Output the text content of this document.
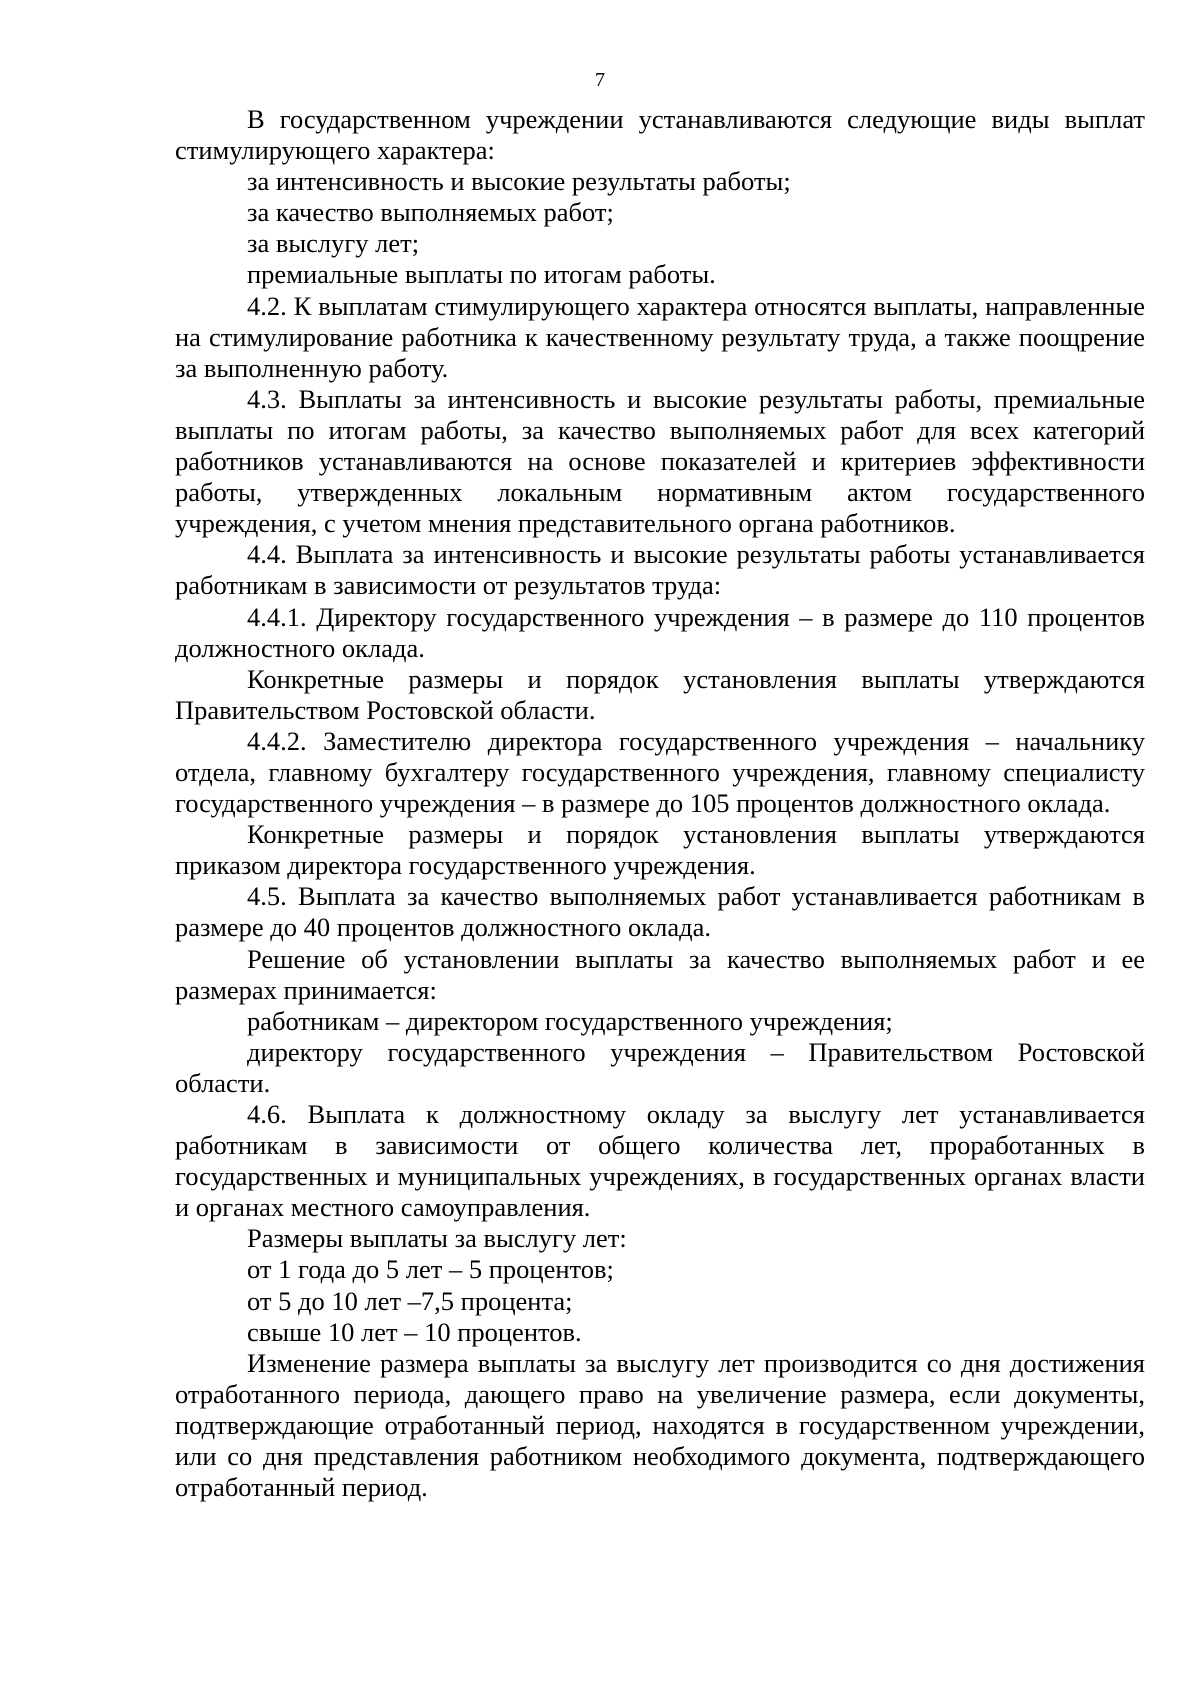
7

В государственном учреждении устанавливаются следующие виды выплат стимулирующего характера:

за интенсивность и высокие результаты работы;

за качество выполняемых работ;

за выслугу лет;

премиальные выплаты по итогам работы.

4.2. К выплатам стимулирующего характера относятся выплаты, направленные на стимулирование работника к качественному результату труда, а также поощрение за выполненную работу.

4.3. Выплаты за интенсивность и высокие результаты работы, премиальные выплаты по итогам работы, за качество выполняемых работ для всех категорий работников устанавливаются на основе показателей и критериев эффективности работы, утвержденных локальным нормативным актом государственного учреждения, с учетом мнения представительного органа работников.

4.4. Выплата за интенсивность и высокие результаты работы устанавливается работникам в зависимости от результатов труда:

4.4.1. Директору государственного учреждения – в размере до 110 процентов должностного оклада.

Конкретные размеры и порядок установления выплаты утверждаются Правительством Ростовской области.

4.4.2. Заместителю директора государственного учреждения – начальнику отдела, главному бухгалтеру государственного учреждения, главному специалисту государственного учреждения – в размере до 105 процентов должностного оклада.

Конкретные размеры и порядок установления выплаты утверждаются приказом директора государственного учреждения.

4.5. Выплата за качество выполняемых работ устанавливается работникам в размере до 40 процентов должностного оклада.

Решение об установлении выплаты за качество выполняемых работ и ее размерах принимается:

работникам – директором государственного учреждения;

директору государственного учреждения – Правительством Ростовской области.

4.6. Выплата к должностному окладу за выслугу лет устанавливается работникам в зависимости от общего количества лет, проработанных в государственных и муниципальных учреждениях, в государственных органах власти и органах местного самоуправления.

Размеры выплаты за выслугу лет:

от 1 года до 5 лет – 5 процентов;

от 5 до 10 лет –7,5 процента;

свыше 10 лет – 10 процентов.

Изменение размера выплаты за выслугу лет производится со дня достижения отработанного периода, дающего право на увеличение размера, если документы, подтверждающие отработанный период, находятся в государственном учреждении, или со дня представления работником необходимого документа, подтверждающего отработанный период.
